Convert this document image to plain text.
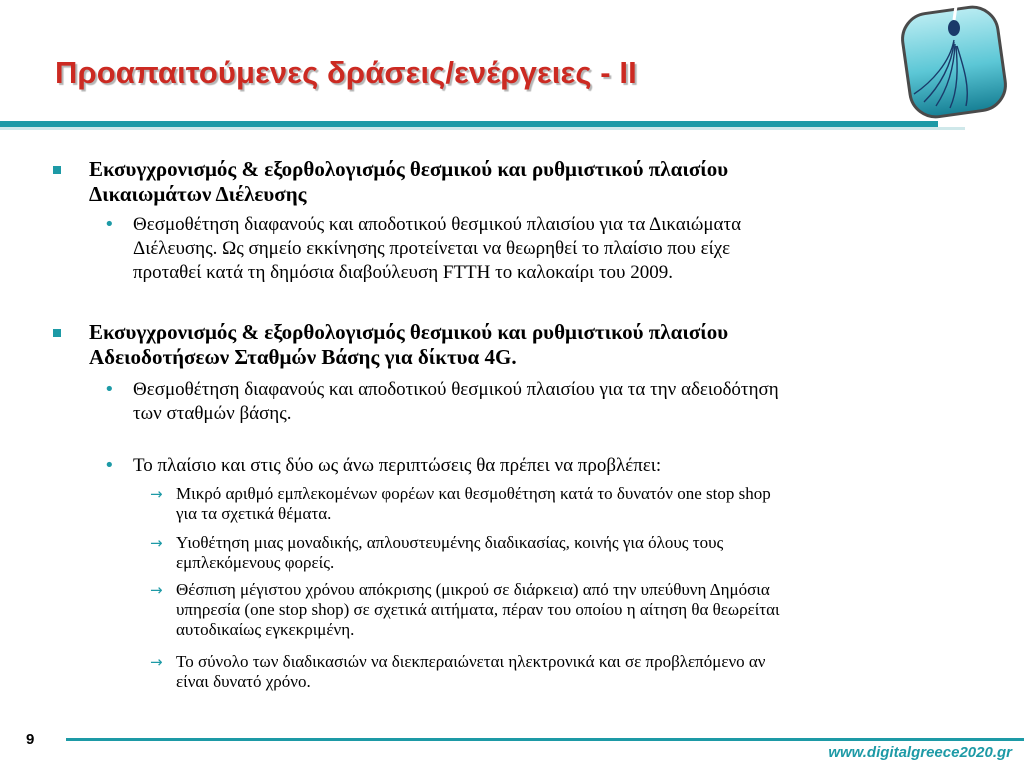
Προαπαιτούμενες δράσεις/ενέργειες - II
Εκσυγχρονισμός & εξορθολογισμός θεσμικού και ρυθμιστικού πλαισίου
Δικαιωμάτων Διέλευσης
• Θεσμοθέτηση διαφανούς και αποδοτικού θεσμικού πλαισίου για τα Δικαιώματα
Διέλευσης. Ως σημείο εκκίνησης προτείνεται να θεωρηθεί το πλαίσιο που είχε
προταθεί κατά τη δημόσια διαβούλευση FTTH το καλοκαίρι του 2009.
Εκσυγχρονισμός & εξορθολογισμός θεσμικού και ρυθμιστικού πλαισίου
Αδειοδοτήσεων Σταθμών Βάσης για δίκτυα 4G.
• Θεσμοθέτηση διαφανούς και αποδοτικού θεσμικού πλαισίου για τα την αδειοδότηση
των σταθμών βάσης.
• Το πλαίσιο και στις δύο ως άνω περιπτώσεις θα πρέπει να προβλέπει:
→ Μικρό αριθμό εμπλεκομένων φορέων και θεσμοθέτηση κατά το δυνατόν one stop shop
για τα σχετικά θέματα.
→ Υιοθέτηση μιας μοναδικής, απλουστευμένης διαδικασίας, κοινής για όλους τους
εμπλεκόμενους φορείς.
→ Θέσπιση μέγιστου χρόνου απόκρισης (μικρού σε διάρκεια) από την υπεύθυνη Δημόσια
υπηρεσία (one stop shop) σε σχετικά αιτήματα, πέραν του οποίου η αίτηση θα θεωρείται
αυτοδικαίως εγκεκριμένη.
→ Το σύνολο των διαδικασιών να διεκπεραιώνεται ηλεκτρονικά και σε προβλεπόμενο αν
είναι δυνατό χρόνο.
9
www.digitalgreece2020.gr
